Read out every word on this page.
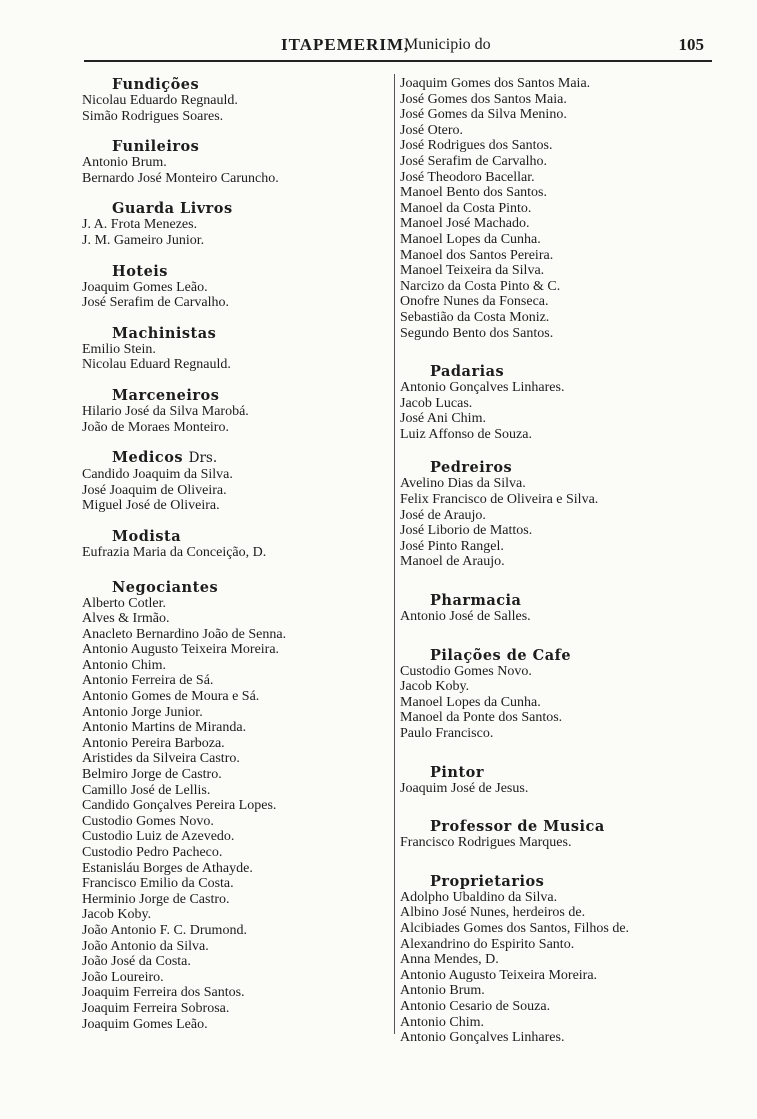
ITAPEMERIM,
Municipio do	105
Fundições
Nicolau Eduardo Regnauld.
Simão Rodrigues Soares.
Funileiros
Antonio Brum.
Bernardo José Monteiro Carunchо.
Guarda Livros
J. A. Frota Menezes.
J. M. Gameiro Junior.
Hoteis
Joaquim Gomes Leão.
José Serafim de Carvalho.
Machinistas
Emilio Stein.
Nicolau Eduard Regnauld.
Marceneiros
Hilario José da Silva Marobá.
João de Moraes Monteiro.
Medicos Drs.
Candido Joaquim da Silva.
José Joaquim de Oliveira.
Miguel José de Oliveira.
Modista
Eufrazia Maria da Conceição, D.
Negociantes
Alberto Cotler.
Alves & Irmão.
Anacleto Bernardino João de Senna.
Antonio Augusto Teixeira Moreira.
Antonio Chim.
Antonio Ferreira de Sá.
Antonio Gomes de Moura e Sá.
Antonio Jorge Junior.
Antonio Martins de Miranda.
Antonio Pereira Barboza.
Aristides da Silveira Castro.
Belmiro Jorge de Castro.
Camillo José de Lellis.
Candido Gonçalves Pereira Lopes.
Custodio Gomes Novo.
Custodio Luiz de Azevedo.
Custodio Pedro Pacheco.
Estanisláu Borges de Athayde.
Francisco Emilio da Costa.
Herminio Jorge de Castro.
Jacob Koby.
João Antonio F. C. Drumond.
João Antonio da Silva.
João José da Costa.
João Loureiro.
Joaquim Ferreira dos Santos.
Joaquim Ferreira Sobrosa.
Joaquim Gomes Leão.
Joaquim Gomes dos Santos Maia.
José Gomes dos Santos Maia.
José Gomes da Silva Menino.
José Otero.
José Rodrigues dos Santos.
José Serafim de Carvalho.
José Theodoro Bacellar.
Manoel Bento dos Santos.
Manoel da Costa Pinto.
Manoel José Machado.
Manoel Lopes da Cunha.
Manoel dos Santos Pereira.
Manoel Teixeira da Silva.
Narcizo da Costa Pinto & C.
Onofre Nunes da Fonseca.
Sebastião da Costa Moniz.
Segundo Bento dos Santos.
Padarias
Antonio Gonçalves Linhares.
Jacob Lucas.
José Ani Chim.
Luiz Affonso de Souza.
Pedreiros
Avelino Dias da Silva.
Felix Francisco de Oliveira e Silva.
José de Araujo.
José Liborio de Mattos.
José Pinto Rangel.
Manoel de Araujo.
Pharmacia
Antonio José de Salles.
Pilações de Cafe
Custodio Gomes Novo.
Jacob Koby.
Manoel Lopes da Cunha.
Manoel da Ponte dos Santos.
Paulo Francisco.
Pintor
Joaquim José de Jesus.
Professor de Musica
Francisco Rodrigues Marques.
Proprietarios
Adolpho Ubaldino da Silva.
Albino José Nunes, herdeiros de.
Alcibiades Gomes dos Santos, Filhos de.
Alexandrino do Espirito Santo.
Anna Mendes, D.
Antonio Augusto Teixeira Moreira.
Antonio Brum.
Antonio Cesario de Souza.
Antonio Chim.
Antonio Gonçalves Linhares.
